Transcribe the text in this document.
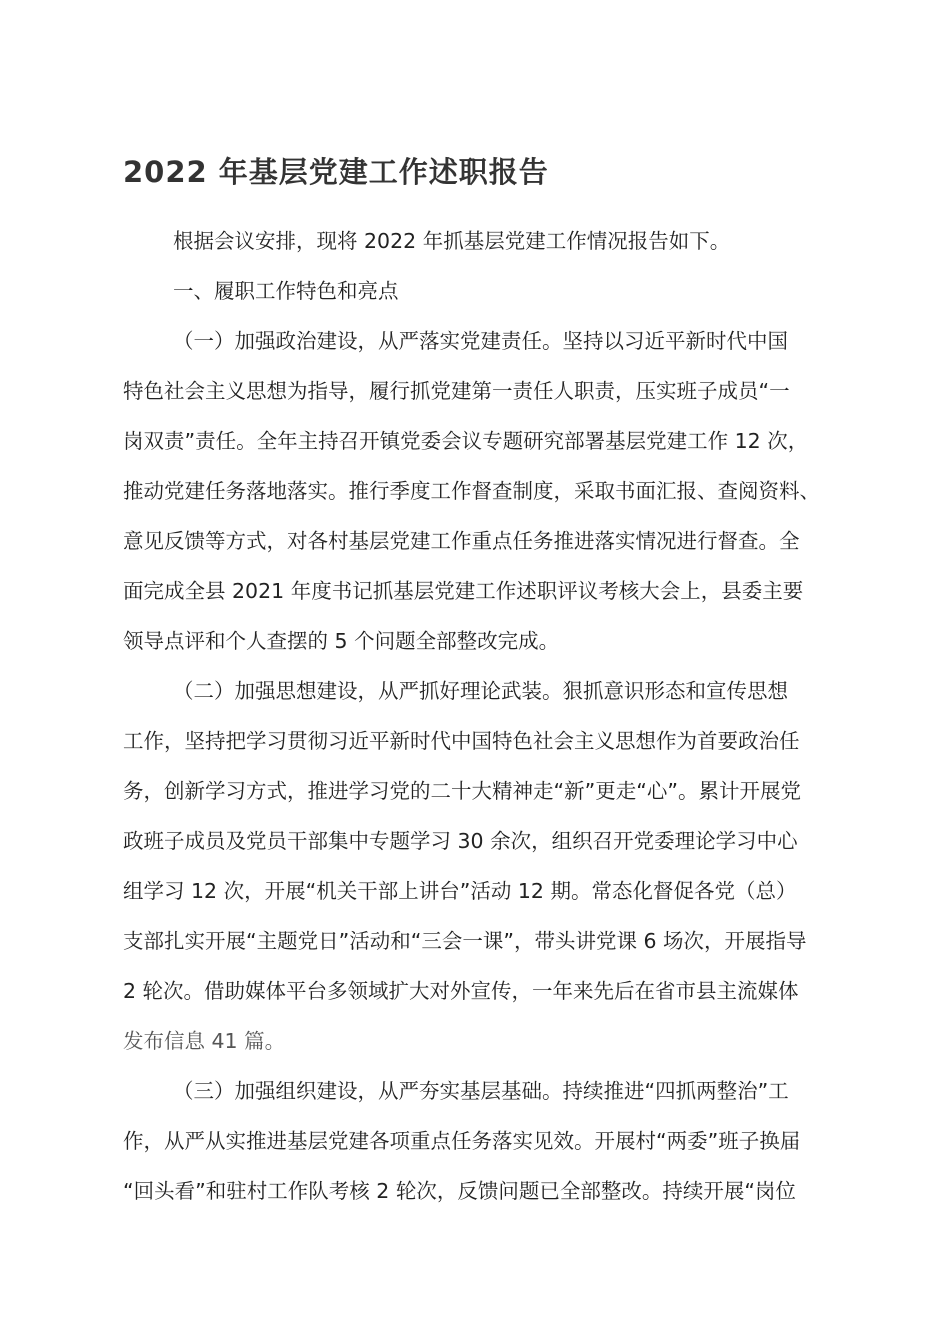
2022 年基层党建工作述职报告
根据会议安排，现将 2022 年抓基层党建工作情况报告如下。
一、履职工作特色和亮点
（一）加强政治建设，从严落实党建责任。坚持以习近平新时代中国
特色社会主义思想为指导，履行抓党建第一责任人职责，压实班子成员“一
岗双责”责任。全年主持召开镇党委会议专题研究部署基层党建工作 12 次，
推动党建任务落地落实。推行季度工作督查制度，采取书面汇报、查阅资料、
意见反馈等方式，对各村基层党建工作重点任务推进落实情况进行督查。全
面完成全县 2021 年度书记抓基层党建工作述职评议考核大会上，县委主要
领导点评和个人查摆的 5 个问题全部整改完成。
（二）加强思想建设，从严抓好理论武装。狠抓意识形态和宣传思想
工作，坚持把学习贯彻习近平新时代中国特色社会主义思想作为首要政治任
务，创新学习方式，推进学习党的二十大精神走“新”更走“心”。累计开展党
政班子成员及党员干部集中专题学习 30 余次，组织召开党委理论学习中心
组学习 12 次，开展“机关干部上讲台”活动 12 期。常态化督促各党（总）
支部扎实开展“主题党日”活动和“三会一课”，带头讲党课 6 场次，开展指导
2 轮次。借助媒体平台多领域扩大对外宣传，一年来先后在省市县主流媒体
发布信息 41 篇。
（三）加强组织建设，从严夯实基层基础。持续推进“四抓两整治”工
作，从严从实推进基层党建各项重点任务落实见效。开展村“两委”班子换届
“回头看”和驻村工作队考核 2 轮次，反馈问题已全部整改。持续开展“岗位
